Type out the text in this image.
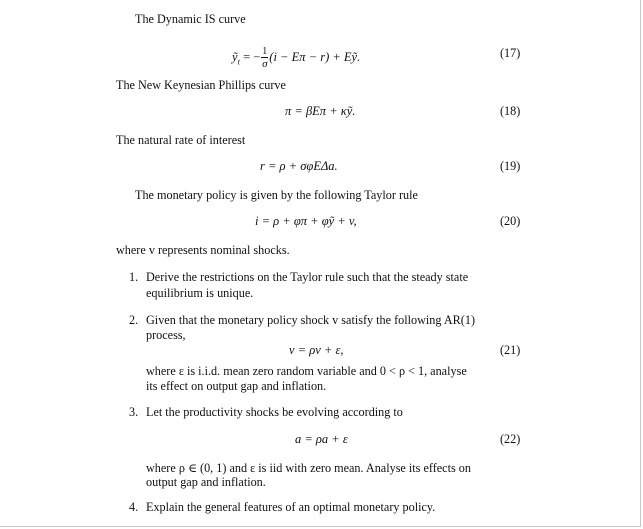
The Dynamic IS curve
ỹ$_t$ = − $\frac{1}{\sigma} (i - E\pi - r)$ + Eỹ.	(17)
The New Keynesian Phillips curve
π = βEπ + κỹ.	(18)
The natural rate of interest
r = ρ + σφEΔa.	(19)
The monetary policy is given by the following Taylor rule
i = ρ + φπ + φỹ + v,	(20)
where v represents nominal shocks.
1. Derive the restrictions on the Taylor rule such that the steady state
equilibrium is unique.
2. Given that the monetary policy shock v satisfy the following AR(1)
process,
v = ρv + ε,	(21)
where ε is i.i.d. mean zero random variable and 0 < ρ < 1, analyse
its effect on output gap and inflation.
3. Let the productivity shocks be evolving according to
a = ρa + ε	(22)
where ρ ∈ (0, 1) and ε is iid with zero mean. Analyse its effects on
output gap and inflation.
4. Explain the general features of an optimal monetary policy.
